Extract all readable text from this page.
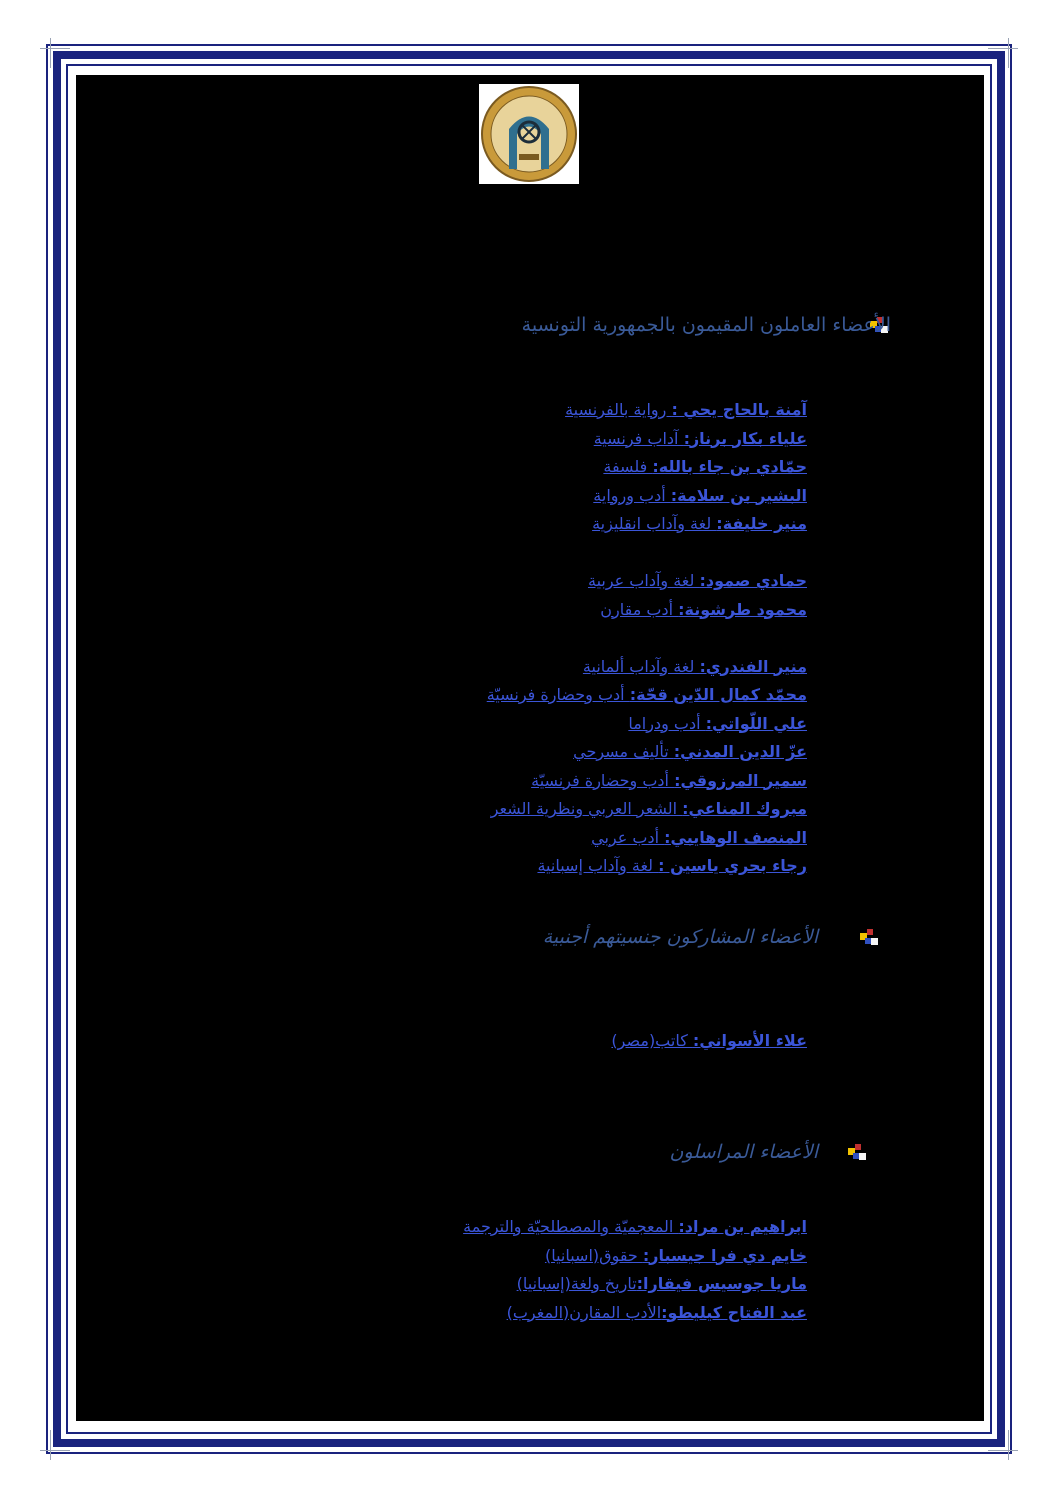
الأعضاء العاملون المقيمون بالجمهورية التونسية
آمنة بالحاج يحي : رواية بالفرنسية
علياء بكار برناز: آداب فرنسية
حمّادي بن جاء بالله: فلسفة
البشير بن سلامة: أدب ورواية
منير خليفة: لغة وآداب انقليزية
حمادي صمود: لغة وآداب عربية
محمود طرشونة: أدب مقارن
منير الفندري: لغة وآداب ألمانية
محمّد كمال الدّين قحّة: أدب وحضارة فرنسيّة
علي اللّواتي: أدب ودراما
عزّ الدين المدني: تأليف مسرحي
سمير المرزوقي: أدب وحضارة فرنسيّة
مبروك المناعي: الشعر العربي ونظرية الشعر
المنصف الوهايبي: أدب عربي
رجاء بحري ياسين : لغة وآداب إسبانية
الأعضاء المشاركون جنسيتهم أجنبية
علاء الأسواني: كاتب(مصر)
الأعضاء المراسلون
ابراهيم بن مراد: المعجميّة والمصطلحيّة والترجمة
خايم دي فرا جيسبار: حقوق(اسبانيا)
ماريا جوسيس فيقارا:تاريخ ولغة(إسبانيا)
عبد الفتاح كيليطو:الأدب المقارن(المغرب)
